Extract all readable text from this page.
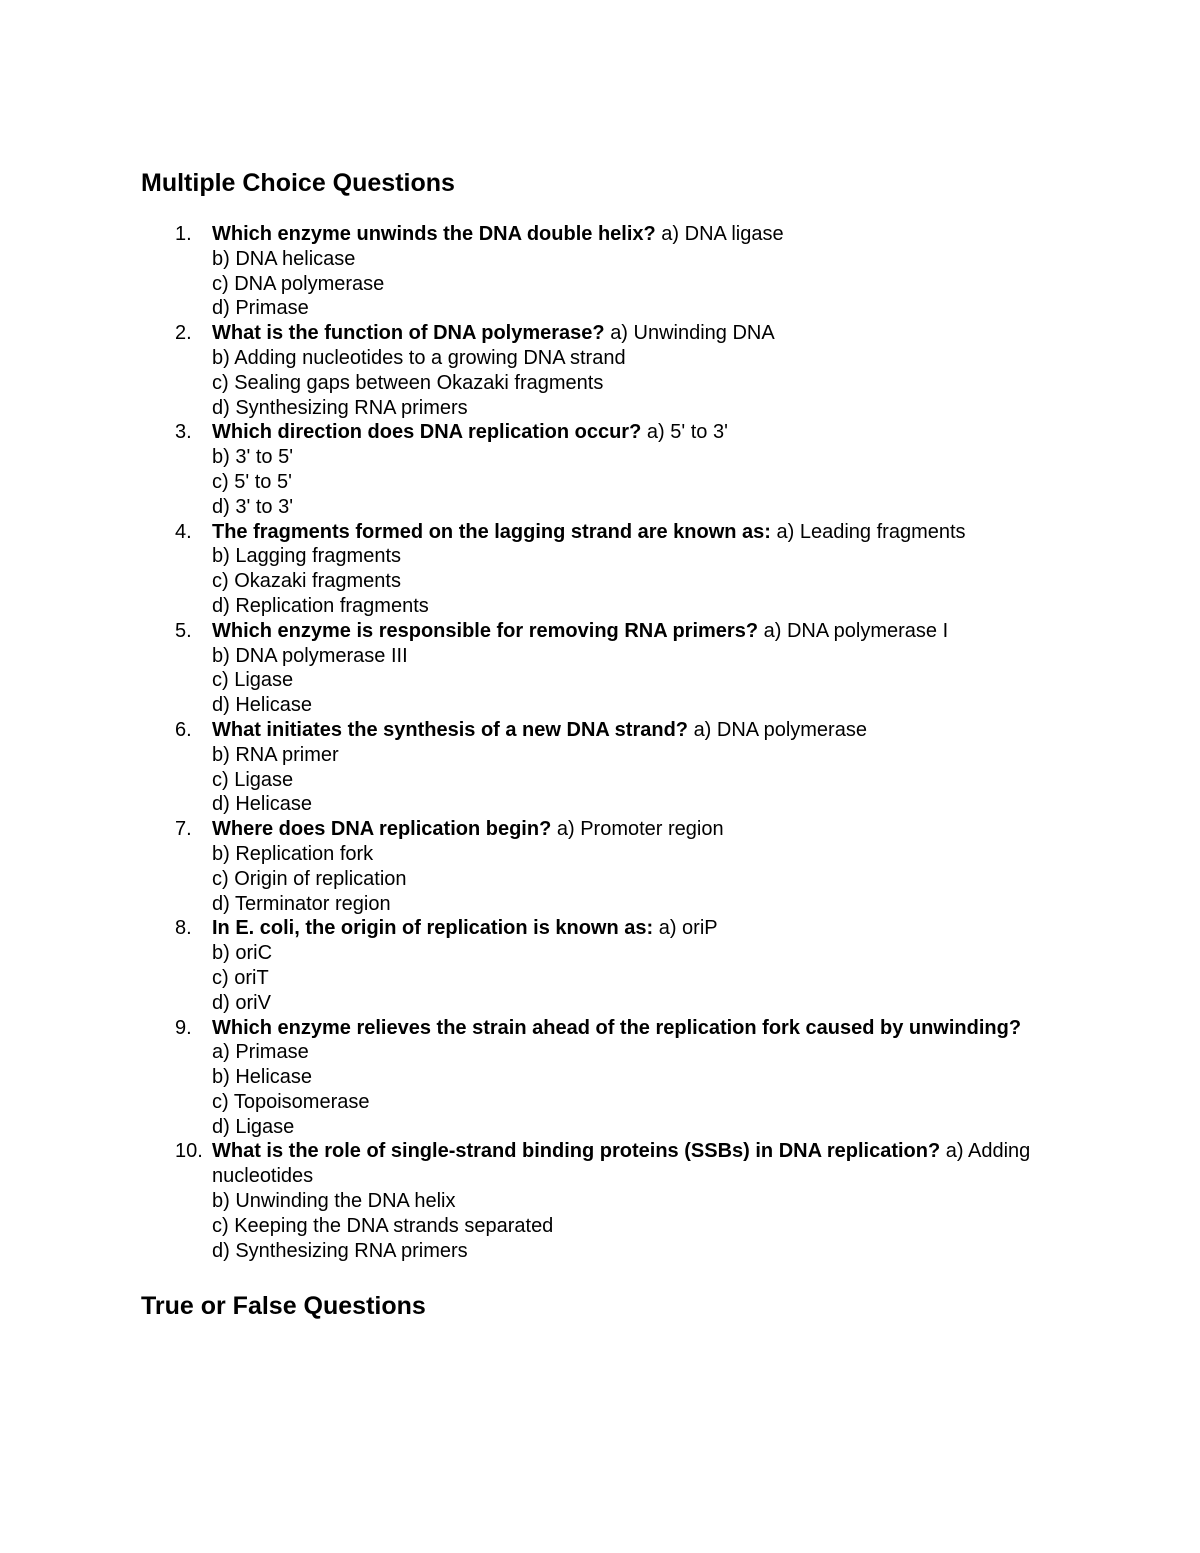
Multiple Choice Questions
1. Which enzyme unwinds the DNA double helix? a) DNA ligase
b) DNA helicase
c) DNA polymerase
d) Primase
2. What is the function of DNA polymerase? a) Unwinding DNA
b) Adding nucleotides to a growing DNA strand
c) Sealing gaps between Okazaki fragments
d) Synthesizing RNA primers
3. Which direction does DNA replication occur? a) 5' to 3'
b) 3' to 5'
c) 5' to 5'
d) 3' to 3'
4. The fragments formed on the lagging strand are known as: a) Leading fragments
b) Lagging fragments
c) Okazaki fragments
d) Replication fragments
5. Which enzyme is responsible for removing RNA primers? a) DNA polymerase I
b) DNA polymerase III
c) Ligase
d) Helicase
6. What initiates the synthesis of a new DNA strand? a) DNA polymerase
b) RNA primer
c) Ligase
d) Helicase
7. Where does DNA replication begin? a) Promoter region
b) Replication fork
c) Origin of replication
d) Terminator region
8. In E. coli, the origin of replication is known as: a) oriP
b) oriC
c) oriT
d) oriV
9. Which enzyme relieves the strain ahead of the replication fork caused by unwinding? a) Primase
b) Helicase
c) Topoisomerase
d) Ligase
10. What is the role of single-strand binding proteins (SSBs) in DNA replication? a) Adding nucleotides
b) Unwinding the DNA helix
c) Keeping the DNA strands separated
d) Synthesizing RNA primers
True or False Questions
